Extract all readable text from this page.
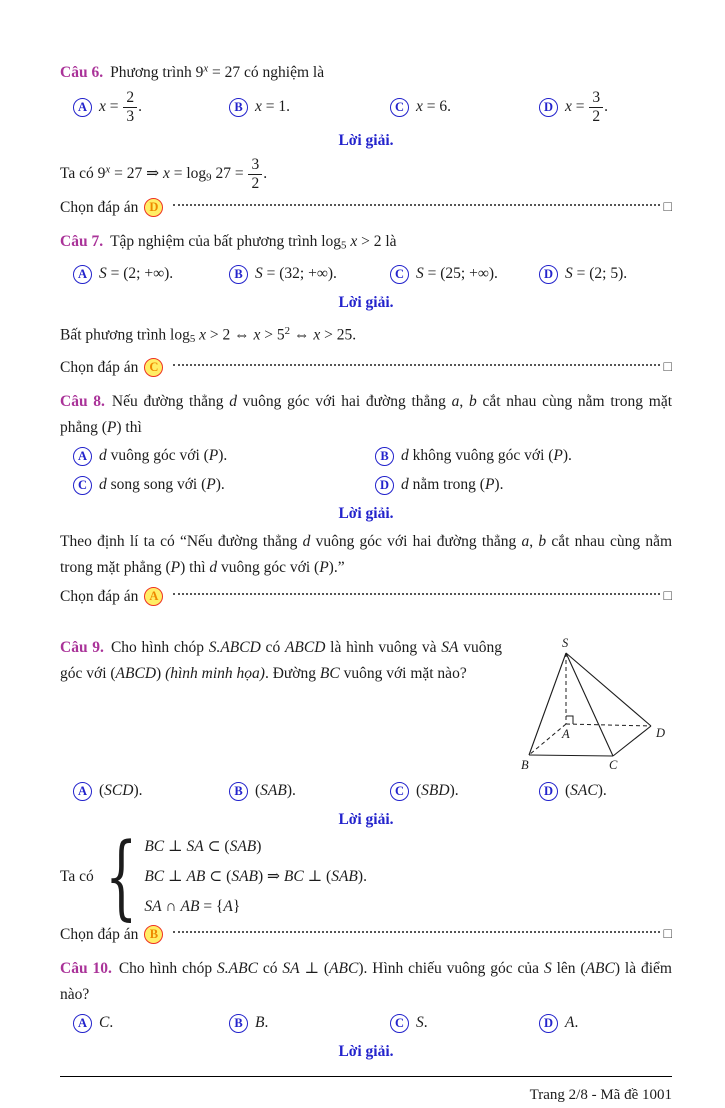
Câu 6. Phương trình $9^x = 27$ có nghiệm là

A $x = \frac{2}{3}$ .	B x = 1.	C x = 6.	D $x = \frac{3}{2}$ .

Lời giải.

Ta có $9^x = 27$ ⇒ $x = \log_9 27 = \frac{3}{2}$ .

Chọn đáp án D	□

Câu 7. Tập nghiệm của bất phương trình $\log_5 x > 2$ là

A S = (2; +∞).	B S = (32; +∞).	C S = (25; +∞).	D S = (2; 5).

Lời giải.

Bất phương trình $\log_5 x > 2$ ⇔ $x > 5^2$ ⇔ x > 25.

Chọn đáp án C	□

Câu 8. Nếu đường thẳng d vuông góc với hai đường thẳng a, b cắt nhau cùng nằm trong mặt phẳng (P) thì

A d vuông góc với (P).	B d không vuông góc với (P).
C d song song với (P).	D d nằm trong (P).

Lời giải.

Theo định lí ta có “Nếu đường thẳng d vuông góc với hai đường thẳng a, b cắt nhau cùng nằm trong mặt phẳng (P) thì d vuông góc với (P).”

Chọn đáp án A	□

Câu 9. Cho hình chóp S.ABCD có ABCD là hình vuông và SA vuông góc với (ABCD) (hình minh họa). Đường BC vuông với mặt nào?

S
A
B	C
D
A (SCD).	B (SAB).	C (SBD).	D (SAC).

Lời giải.

Ta có { BC ⊥ SA ⊂ (SAB)
BC ⊥ AB ⊂ (SAB) ⇒ BC ⊥ (SAB).
SA ∩ AB = {A}
Chọn đáp án B	□

Câu 10. Cho hình chóp S.ABC có SA ⊥ (ABC). Hình chiếu vuông góc của S lên (ABC) là điểm nào?

A C.	B B.	C S.	D A.

Lời giải.

Trang 2/8 - Mã đề 1001
